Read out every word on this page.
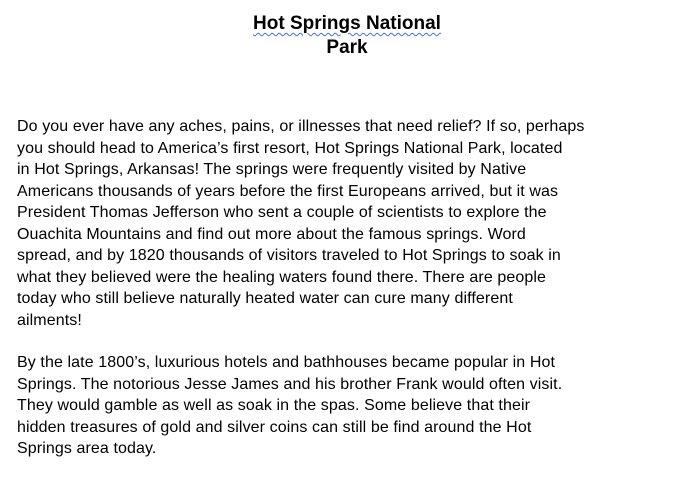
Hot Springs National
Park
Do you ever have any aches, pains, or illnesses that need relief? If so, perhaps
you should head to America’s first resort, Hot Springs National Park, located
in Hot Springs, Arkansas! The springs were frequently visited by Native
Americans thousands of years before the first Europeans arrived, but it was
President Thomas Jefferson who sent a couple of scientists to explore the
Ouachita Mountains and find out more about the famous springs. Word
spread, and by 1820 thousands of visitors traveled to Hot Springs to soak in
what they believed were the healing waters found there. There are people
today who still believe naturally heated water can cure many different
ailments!
By the late 1800’s, luxurious hotels and bathhouses became popular in Hot
Springs. The notorious Jesse James and his brother Frank would often visit.
They would gamble as well as soak in the spas. Some believe that their
hidden treasures of gold and silver coins can still be find around the Hot
Springs area today.
